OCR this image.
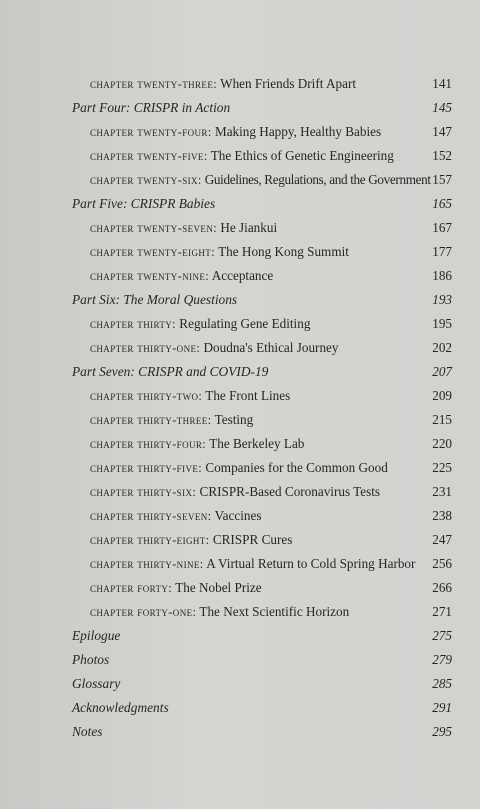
chapter twenty-three: When Friends Drift Apart	141
Part Four: CRISPR in Action	145
chapter twenty-four: Making Happy, Healthy Babies	147
chapter twenty-five: The Ethics of Genetic Engineering	152
chapter twenty-six: Guidelines, Regulations, and the Government 157
Part Five: CRISPR Babies	165
chapter twenty-seven: He Jiankui	167
chapter twenty-eight: The Hong Kong Summit	177
chapter twenty-nine: Acceptance	186
Part Six: The Moral Questions	193
chapter thirty: Regulating Gene Editing	195
chapter thirty-one: Doudna's Ethical Journey	202
Part Seven: CRISPR and COVID-19	207
chapter thirty-two: The Front Lines	209
chapter thirty-three: Testing	215
chapter thirty-four: The Berkeley Lab	220
chapter thirty-five: Companies for the Common Good	225
chapter thirty-six: CRISPR-Based Coronavirus Tests	231
chapter thirty-seven: Vaccines	238
chapter thirty-eight: CRISPR Cures	247
chapter thirty-nine: A Virtual Return to Cold Spring Harbor 256
chapter forty: The Nobel Prize	266
chapter forty-one: The Next Scientific Horizon	271
Epilogue	275
Photos	279
Glossary	285
Acknowledgments	291
Notes	295
